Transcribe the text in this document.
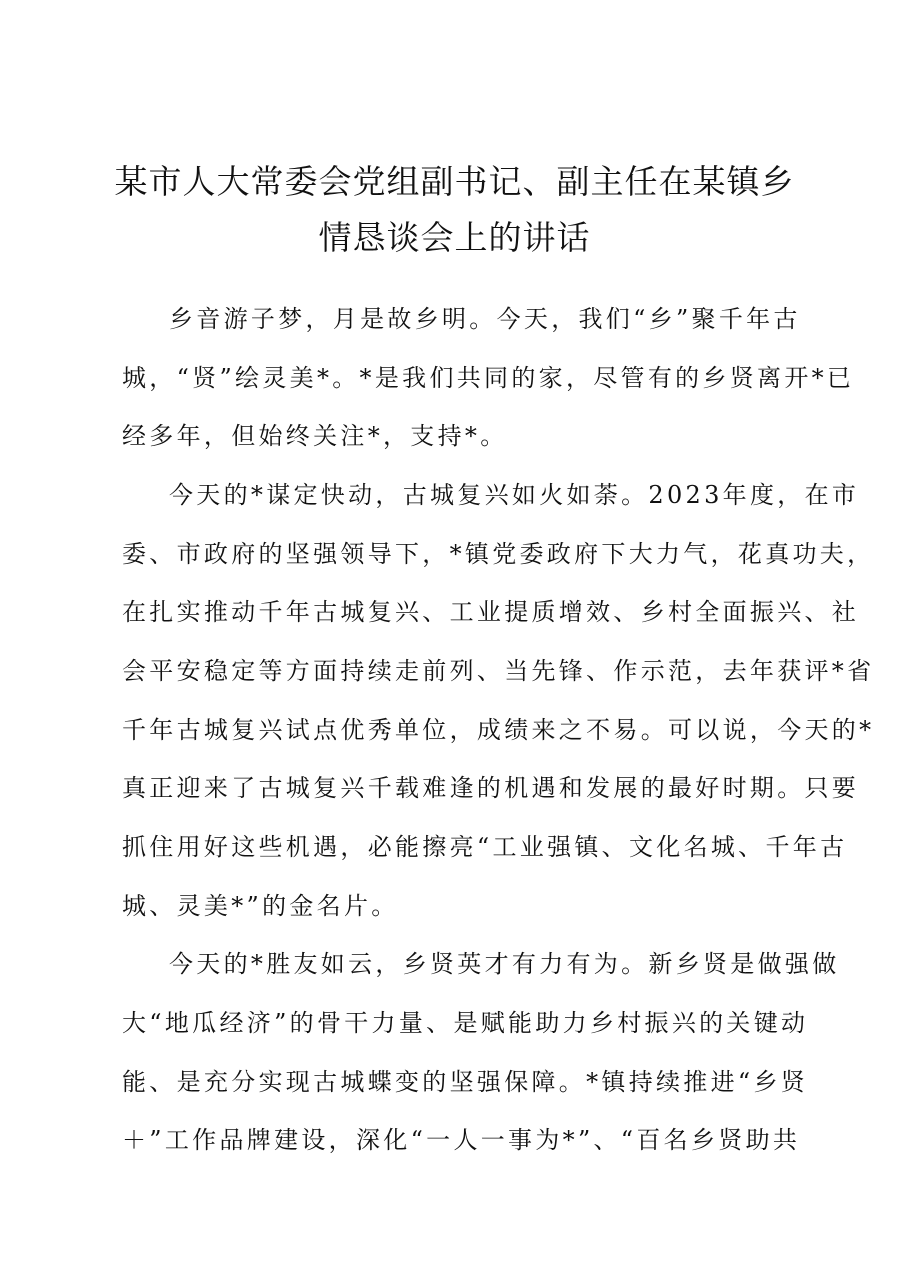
某市人大常委会党组副书记、副主任在某镇乡
情恳谈会上的讲话
乡音游子梦，月是故乡明。今天，我们“乡”聚千年古
城，“贤”绘灵美*。*是我们共同的家，尽管有的乡贤离开*已
经多年，但始终关注*，支持*。
今天的*谋定快动，古城复兴如火如荼。2023年度，在市
委、市政府的坚强领导下，*镇党委政府下大力气，花真功夫，
在扎实推动千年古城复兴、工业提质增效、乡村全面振兴、社
会平安稳定等方面持续走前列、当先锋、作示范，去年获评*省
千年古城复兴试点优秀单位，成绩来之不易。可以说，今天的*
真正迎来了古城复兴千载难逢的机遇和发展的最好时期。只要
抓住用好这些机遇，必能擦亮“工业强镇、文化名城、千年古
城、灵美*”的金名片。
今天的*胜友如云，乡贤英才有力有为。新乡贤是做强做
大“地瓜经济”的骨干力量、是赋能助力乡村振兴的关键动
能、是充分实现古城蝶变的坚强保障。*镇持续推进“乡贤
＋”工作品牌建设，深化“一人一事为*”、“百名乡贤助共
